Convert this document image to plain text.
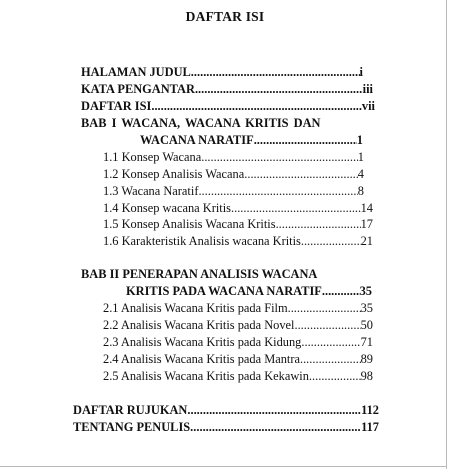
DAFTAR ISI
HALAMAN JUDUL .....	i
KATA PENGANTAR .....	iii
DAFTAR ISI .....	vii
BAB I WACANA, WACANA KRITIS DAN
WACANA NARATIF .....	1
1.1 Konsep Wacana .....	1
1.2 Konsep Analisis Wacana .....	4
1.3 Wacana Naratif .....	8
1.4 Konsep wacana Kritis .....	14
1.5 Konsep Analisis Wacana Kritis .....	17
1.6 Karakteristik Analisis wacana Kritis .....	21
BAB II PENERAPAN ANALISIS WACANA
KRITIS PADA WACANA NARATIF .....	35
2.1 Analisis Wacana Kritis pada Film .....	35
2.2 Analisis Wacana Kritis pada Novel .....	50
2.3 Analisis Wacana Kritis pada Kidung .....	71
2.4 Analisis Wacana Kritis pada Mantra .....	89
2.5 Analisis Wacana Kritis pada Kekawin .....	98
DAFTAR RUJUKAN .....	112
TENTANG PENULIS .....	117
